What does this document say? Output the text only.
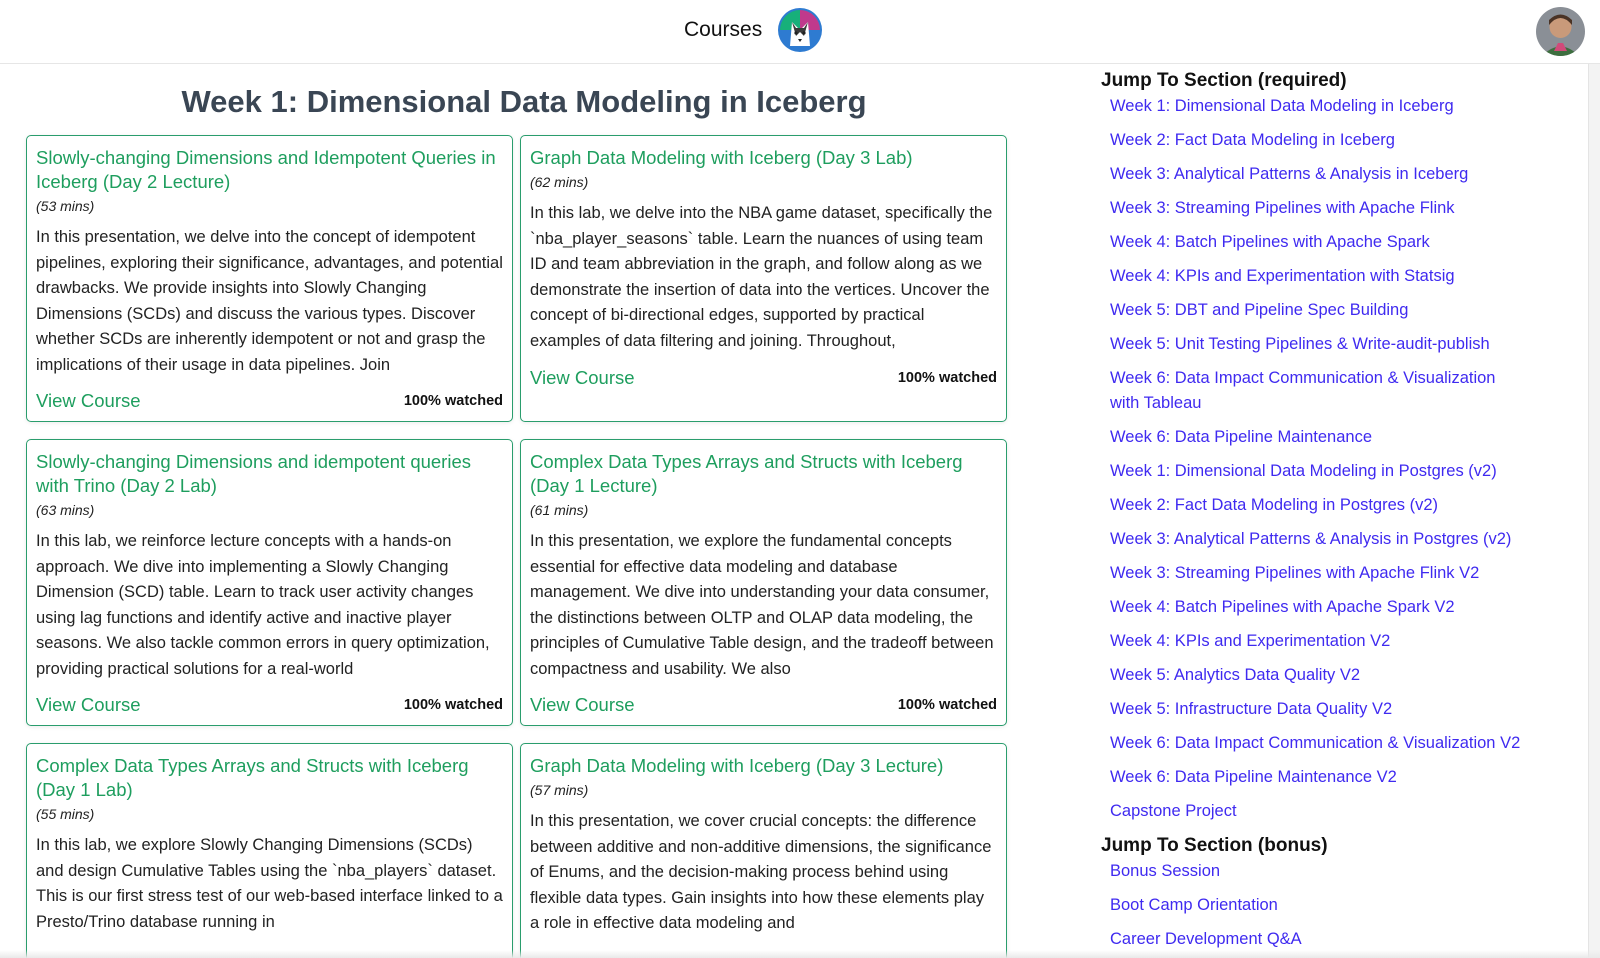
Courses
Week 1: Dimensional Data Modeling in Iceberg
Slowly-changing Dimensions and Idempotent Queries in Iceberg (Day 2 Lecture)
(53 mins)
In this presentation, we delve into the concept of idempotent pipelines, exploring their significance, advantages, and potential drawbacks. We provide insights into Slowly Changing Dimensions (SCDs) and discuss the various types. Discover whether SCDs are inherently idempotent or not and grasp the implications of their usage in data pipelines. Join
View Course	100% watched
Graph Data Modeling with Iceberg (Day 3 Lab)
(62 mins)
In this lab, we delve into the NBA game dataset, specifically the `nba_player_seasons` table. Learn the nuances of using team ID and team abbreviation in the graph, and follow along as we demonstrate the insertion of data into the vertices. Uncover the concept of bi-directional edges, supported by practical examples of data filtering and joining. Throughout,
View Course	100% watched
Slowly-changing Dimensions and idempotent queries with Trino (Day 2 Lab)
(63 mins)
In this lab, we reinforce lecture concepts with a hands-on approach. We dive into implementing a Slowly Changing Dimension (SCD) table. Learn to track user activity changes using lag functions and identify active and inactive player seasons. We also tackle common errors in query optimization, providing practical solutions for a real-world
View Course	100% watched
Complex Data Types Arrays and Structs with Iceberg (Day 1 Lecture)
(61 mins)
In this presentation, we explore the fundamental concepts essential for effective data modeling and database management. We dive into understanding your data consumer, the distinctions between OLTP and OLAP data modeling, the principles of Cumulative Table design, and the tradeoff between compactness and usability. We also
View Course	100% watched
Complex Data Types Arrays and Structs with Iceberg (Day 1 Lab)
(55 mins)
In this lab, we explore Slowly Changing Dimensions (SCDs) and design Cumulative Tables using the `nba_players` dataset. This is our first stress test of our web-based interface linked to a Presto/Trino database running in
Graph Data Modeling with Iceberg (Day 3 Lecture)
(57 mins)
In this presentation, we cover crucial concepts: the difference between additive and non-additive dimensions, the significance of Enums, and the decision-making process behind using flexible data types. Gain insights into how these elements play a role in effective data modeling and
Jump To Section (required)
Week 1: Dimensional Data Modeling in Iceberg
Week 2: Fact Data Modeling in Iceberg
Week 3: Analytical Patterns & Analysis in Iceberg
Week 3: Streaming Pipelines with Apache Flink
Week 4: Batch Pipelines with Apache Spark
Week 4: KPIs and Experimentation with Statsig
Week 5: DBT and Pipeline Spec Building
Week 5: Unit Testing Pipelines & Write-audit-publish
Week 6: Data Impact Communication & Visualization with Tableau
Week 6: Data Pipeline Maintenance
Week 1: Dimensional Data Modeling in Postgres (v2)
Week 2: Fact Data Modeling in Postgres (v2)
Week 3: Analytical Patterns & Analysis in Postgres (v2)
Week 3: Streaming Pipelines with Apache Flink V2
Week 4: Batch Pipelines with Apache Spark V2
Week 4: KPIs and Experimentation V2
Week 5: Analytics Data Quality V2
Week 5: Infrastructure Data Quality V2
Week 6: Data Impact Communication & Visualization V2
Week 6: Data Pipeline Maintenance V2
Capstone Project
Jump To Section (bonus)
Bonus Session
Boot Camp Orientation
Career Development Q&A
